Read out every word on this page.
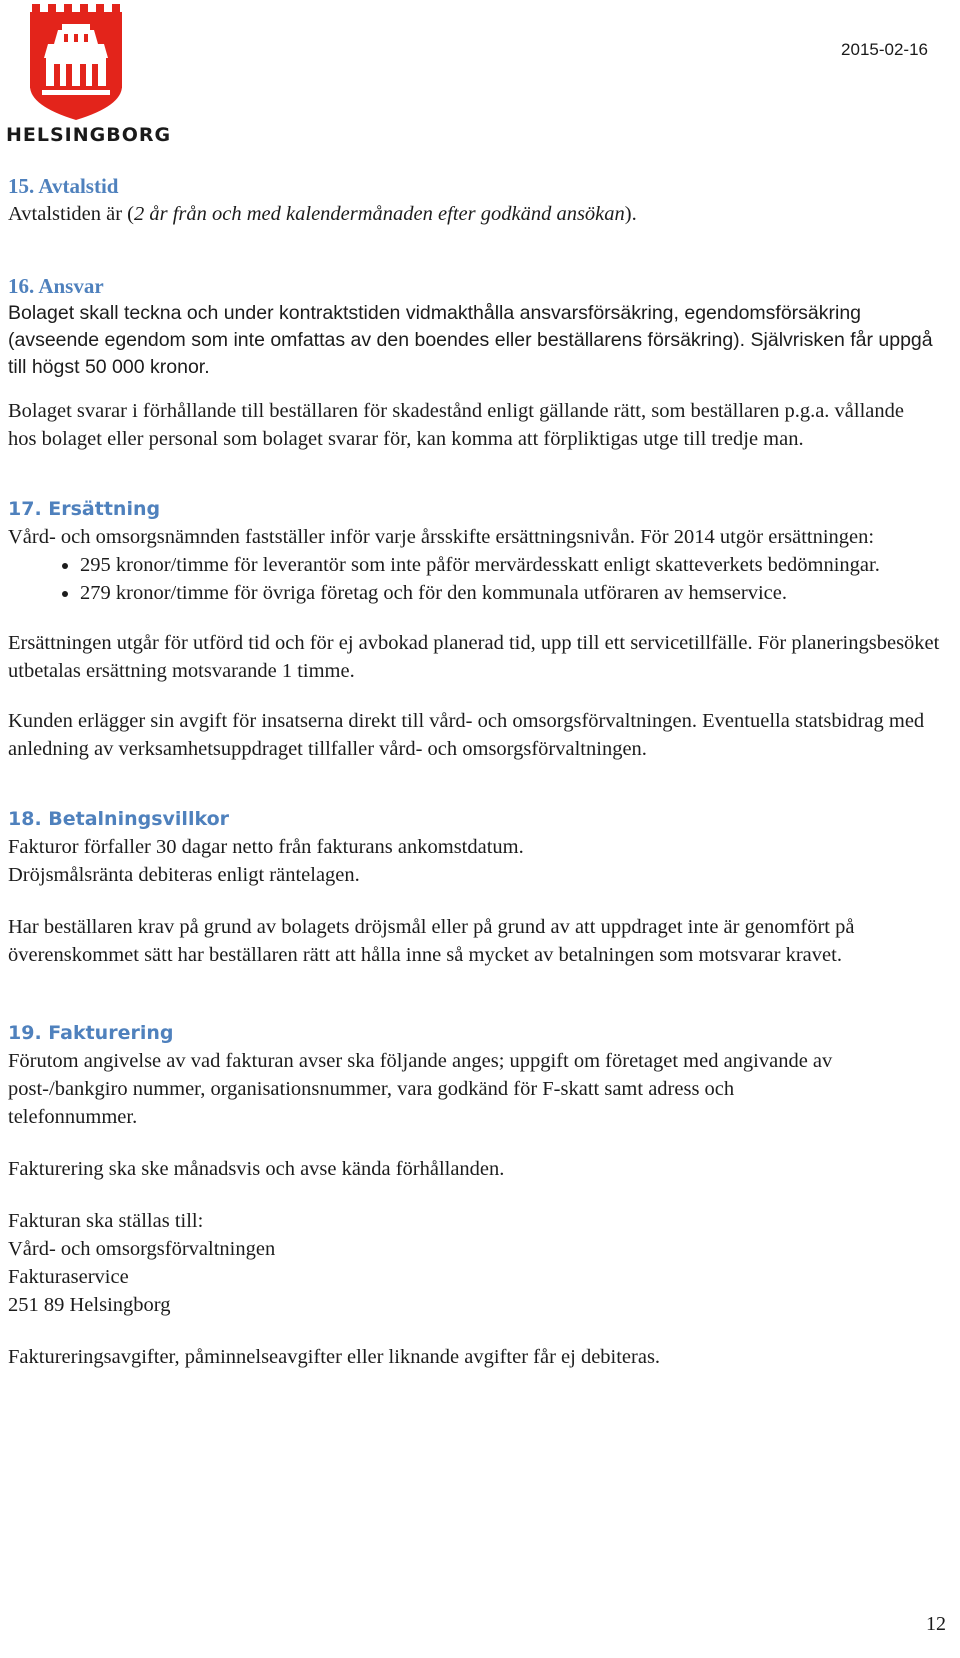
HELSINGBORG
2015-02-16
15. Avtalstid

Avtalstiden är (2 år från och med kalendermånaden efter godkänd ansökan).

16. Ansvar

Bolaget skall teckna och under kontraktstiden vidmakthålla ansvarsförsäkring, egendomsförsäkring (avseende egendom som inte omfattas av den boendes eller beställarens försäkring). Självrisken får uppgå till högst 50 000 kronor.

Bolaget svarar i förhållande till beställaren för skadestånd enligt gällande rätt, som beställaren p.g.a. vållande hos bolaget eller personal som bolaget svarar för, kan komma att förpliktigas utge till tredje man.

17. Ersättning

Vård- och omsorgsnämnden fastställer inför varje årsskifte ersättningsnivån. För 2014 utgör ersättningen:

• 295 kronor/timme för leverantör som inte påför mervärdesskatt enligt skatteverkets bedömningar.
• 279 kronor/timme för övriga företag och för den kommunala utföraren av hemservice.

Ersättningen utgår för utförd tid och för ej avbokad planerad tid, upp till ett servicetillfälle. För planeringsbesöket utbetalas ersättning motsvarande 1 timme.

Kunden erlägger sin avgift för insatserna direkt till vård- och omsorgsförvaltningen. Eventuella statsbidrag med anledning av verksamhetsuppdraget tillfaller vård- och omsorgsförvaltningen.

18. Betalningsvillkor

Fakturor förfaller 30 dagar netto från fakturans ankomstdatum.

Dröjsmålsränta debiteras enligt räntelagen.

Har beställaren krav på grund av bolagets dröjsmål eller på grund av att uppdraget inte är genomfört på överenskommet sätt har beställaren rätt att hålla inne så mycket av betalningen som motsvarar kravet.

19. Fakturering

Förutom angivelse av vad fakturan avser ska följande anges; uppgift om företaget med angivande av post-/bankgiro nummer, organisationsnummer, vara godkänd för F-skatt samt adress och telefonnummer.

Fakturering ska ske månadsvis och avse kända förhållanden.

Fakturan ska ställas till:

Vård- och omsorgsförvaltningen

Fakturaservice

251 89 Helsingborg

Faktureringsavgifter, påminnelseavgifter eller liknande avgifter får ej debiteras.

12
